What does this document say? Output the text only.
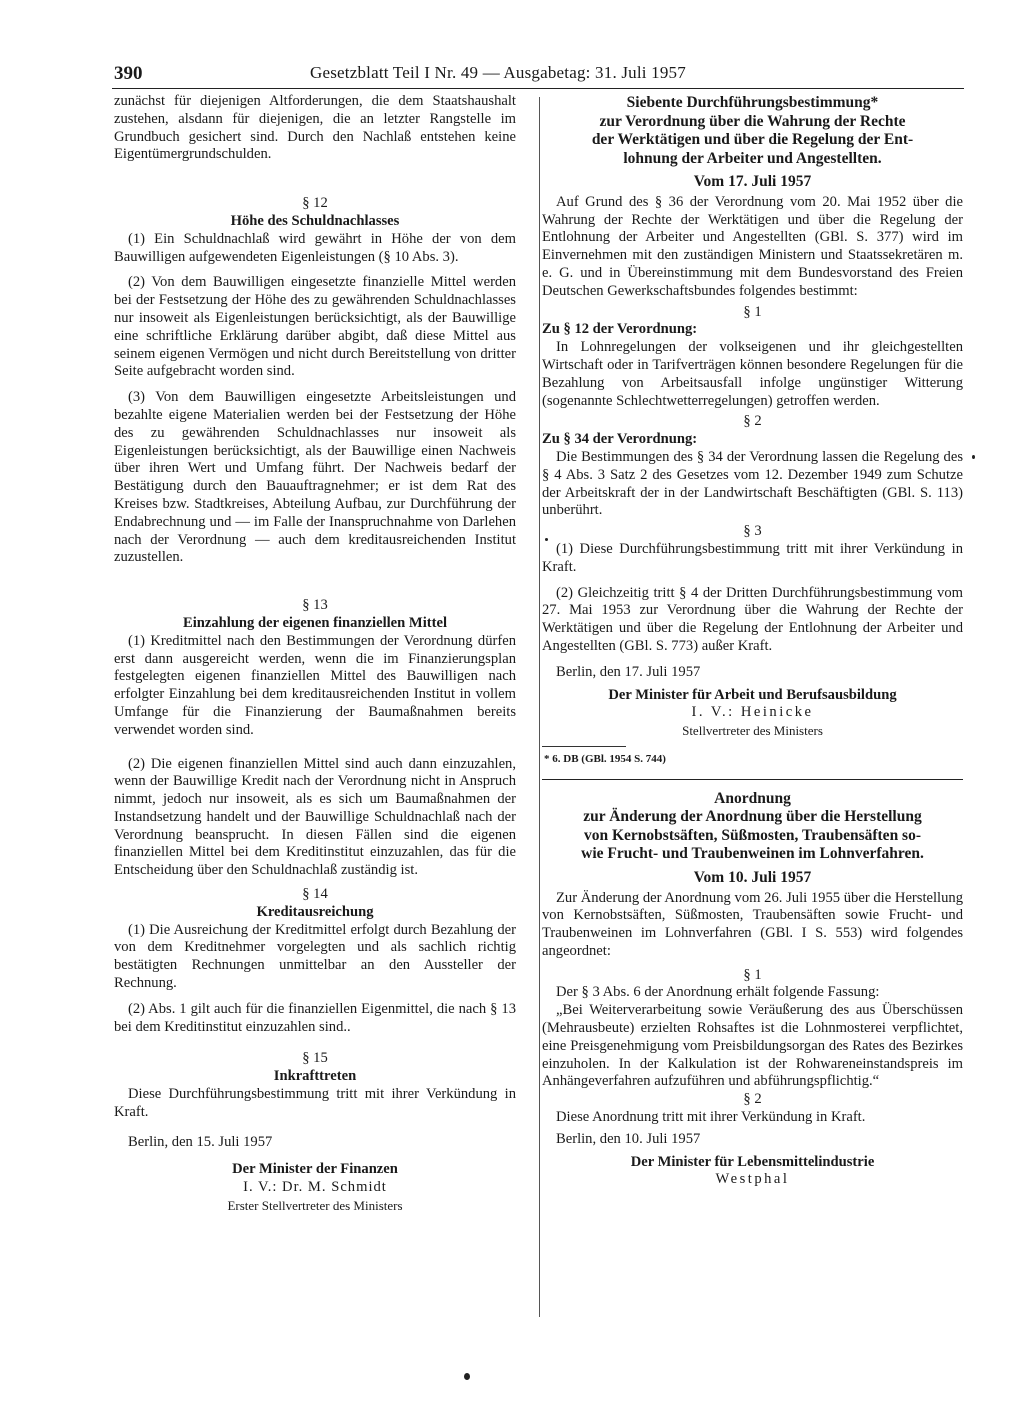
390	Gesetzblatt Teil I Nr. 49 — Ausgabetag: 31. Juli 1957

zunächst für diejenigen Altforderungen, die dem Staatshaushalt zustehen, alsdann für diejenigen, die an letzter Rangstelle im Grundbuch gesichert sind. Durch den Nachlaß entstehen keine Eigentümergrundschulden.

§ 12

Höhe des Schuldnachlasses

(1) Ein Schuldnachlaß wird gewährt in Höhe der von dem Bauwilligen aufgewendeten Eigenleistungen (§ 10 Abs. 3).

(2) Von dem Bauwilligen eingesetzte finanzielle Mittel werden bei der Festsetzung der Höhe des zu gewährenden Schuldnachlasses nur insoweit als Eigenleistungen berücksichtigt, als der Bauwillige eine schriftliche Erklärung darüber abgibt, daß diese Mittel aus seinem eigenen Vermögen und nicht durch Bereitstellung von dritter Seite aufgebracht worden sind.

(3) Von dem Bauwilligen eingesetzte Arbeitsleistungen und bezahlte eigene Materialien werden bei der Festsetzung der Höhe des zu gewährenden Schuldnachlasses nur insoweit als Eigenleistungen berücksichtigt, als der Bauwillige einen Nachweis über ihren Wert und Umfang führt. Der Nachweis bedarf der Bestätigung durch den Bauauftragnehmer; er ist dem Rat des Kreises bzw. Stadtkreises, Abteilung Aufbau, zur Durchführung der Endabrechnung und — im Falle der Inanspruchnahme von Darlehen nach der Verordnung — auch dem kreditausreichenden Institut zuzustellen.

§ 13

Einzahlung der eigenen finanziellen Mittel

(1) Kreditmittel nach den Bestimmungen der Verordnung dürfen erst dann ausgereicht werden, wenn die im Finanzierungsplan festgelegten eigenen finanziellen Mittel des Bauwilligen nach erfolgter Einzahlung bei dem kreditausreichenden Institut in vollem Umfange für die Finanzierung der Baumaßnahmen bereits verwendet worden sind.

(2) Die eigenen finanziellen Mittel sind auch dann einzuzahlen, wenn der Bauwillige Kredit nach der Verordnung nicht in Anspruch nimmt, jedoch nur insoweit, als es sich um Baumaßnahmen der Instandsetzung handelt und der Bauwillige Schuldnachlaß nach der Verordnung beansprucht. In diesen Fällen sind die eigenen finanziellen Mittel bei dem Kreditinstitut einzuzahlen, das für die Entscheidung über den Schuldnachlaß zuständig ist.

§ 14

Kreditausreichung

(1) Die Ausreichung der Kreditmittel erfolgt durch Bezahlung der von dem Kreditnehmer vorgelegten und als sachlich richtig bestätigten Rechnungen unmittelbar an den Aussteller der Rechnung.

(2) Abs. 1 gilt auch für die finanziellen Eigenmittel, die nach § 13 bei dem Kreditinstitut einzuzahlen sind..

§ 15

Inkrafttreten

Diese Durchführungsbestimmung tritt mit ihrer Verkündung in Kraft.

Berlin, den 15. Juli 1957

Der Minister der Finanzen

I. V.: Dr. M. Schmidt

Erster Stellvertreter des Ministers

Siebente Durchführungsbestimmung*

zur Verordnung über die Wahrung der Rechte

der Werktätigen und über die Regelung der Ent-

lohnung der Arbeiter und Angestellten.

Vom 17. Juli 1957

Auf Grund des § 36 der Verordnung vom 20. Mai 1952 über die Wahrung der Rechte der Werktätigen und über die Regelung der Entlohnung der Arbeiter und Angestellten (GBl. S. 377) wird im Einvernehmen mit den zuständigen Ministern und Staatssekretären m. e. G. und in Übereinstimmung mit dem Bundesvorstand des Freien Deutschen Gewerkschaftsbundes folgendes bestimmt:

§ 1

Zu § 12 der Verordnung:

In Lohnregelungen der volkseigenen und ihr gleichgestellten Wirtschaft oder in Tarifverträgen können besondere Regelungen für die Bezahlung von Arbeitsausfall infolge ungünstiger Witterung (sogenannte Schlechtwetterregelungen) getroffen werden.

§ 2

Zu § 34 der Verordnung:

Die Bestimmungen des § 34 der Verordnung lassen die Regelung des § 4 Abs. 3 Satz 2 des Gesetzes vom 12. Dezember 1949 zum Schutze der Arbeitskraft der in der Landwirtschaft Beschäftigten (GBl. S. 113) unberührt.

§ 3

(1) Diese Durchführungsbestimmung tritt mit ihrer Verkündung in Kraft.

(2) Gleichzeitig tritt § 4 der Dritten Durchführungsbestimmung vom 27. Mai 1953 zur Verordnung über die Wahrung der Rechte der Werktätigen und über die Regelung der Entlohnung der Arbeiter und Angestellten (GBl. S. 773) außer Kraft.

Berlin, den 17. Juli 1957

Der Minister für Arbeit und Berufsausbildung

I. V.: Heinicke

Stellvertreter des Ministers

* 6. DB (GBl. 1954 S. 744)

Anordnung

zur Änderung der Anordnung über die Herstellung

von Kernobstsäften, Süßmosten, Traubensäften so-

wie Frucht- und Traubenweinen im Lohnverfahren.

Vom 10. Juli 1957

Zur Änderung der Anordnung vom 26. Juli 1955 über die Herstellung von Kernobstsäften, Süßmosten, Traubensäften sowie Frucht- und Traubenweinen im Lohnverfahren (GBl. I S. 553) wird folgendes angeordnet:

§ 1

Der § 3 Abs. 6 der Anordnung erhält folgende Fassung:

„Bei Weiterverarbeitung sowie Veräußerung des aus Überschüssen (Mehrausbeute) erzielten Rohsaftes ist die Lohnmosterei verpflichtet, eine Preisgenehmigung vom Preisbildungsorgan des Rates des Bezirkes einzuholen. In der Kalkulation ist der Rohwareneinstandspreis im Anhängeverfahren aufzuführen und abführungspflichtig.“

§ 2

Diese Anordnung tritt mit ihrer Verkündung in Kraft.

Berlin, den 10. Juli 1957

Der Minister für Lebensmittelindustrie

Westphal
